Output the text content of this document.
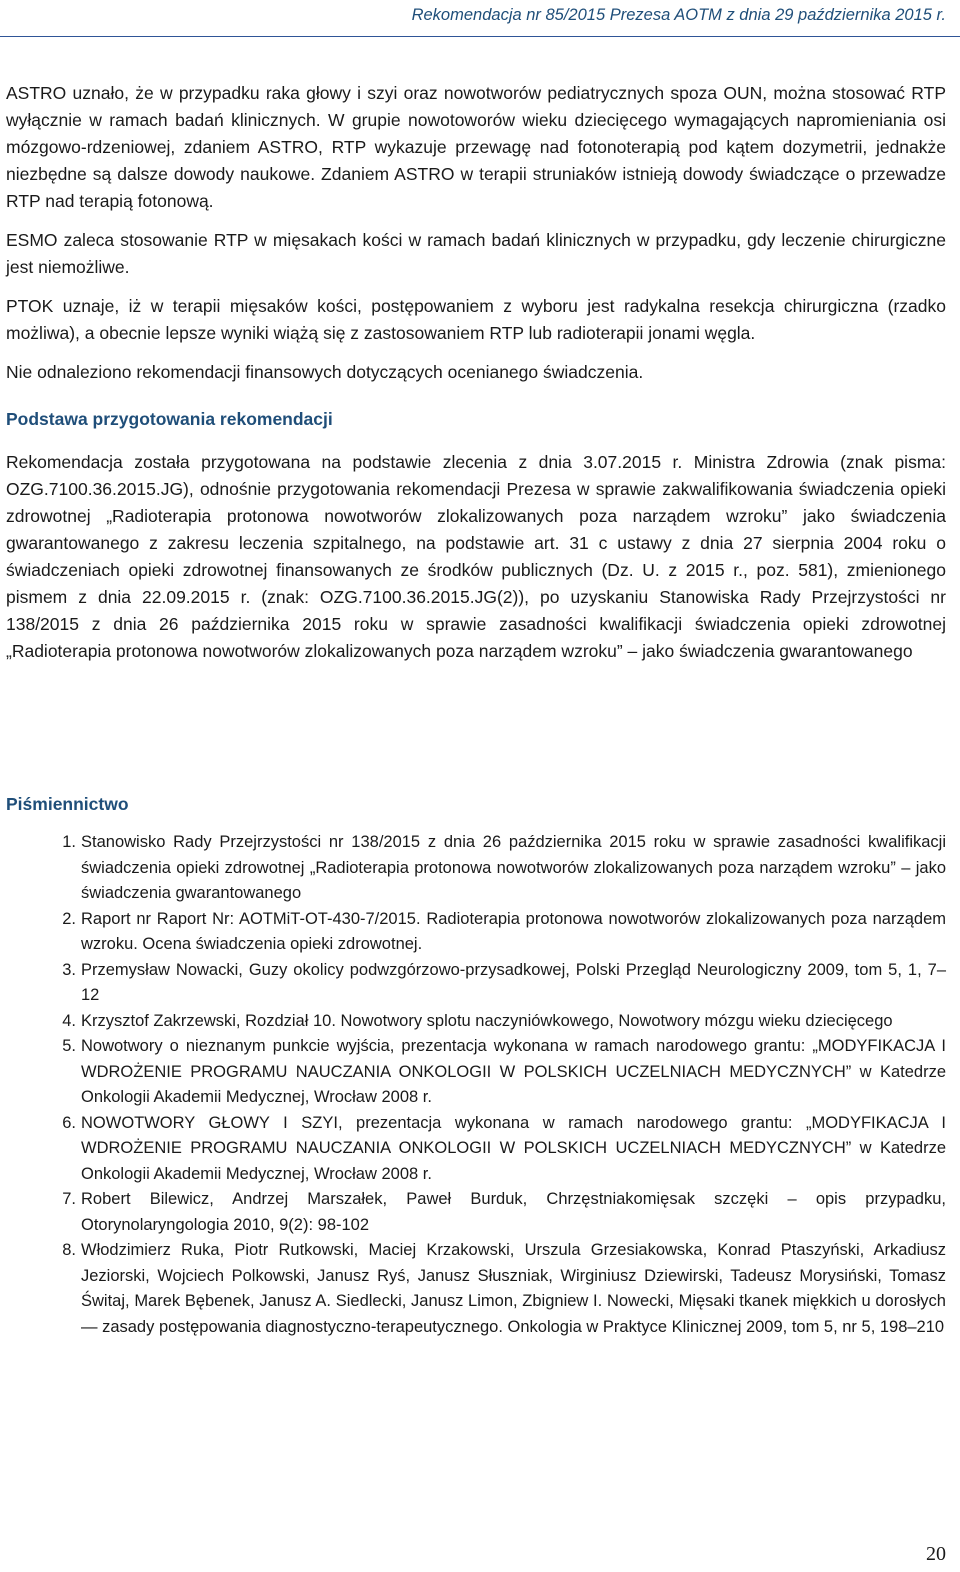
Rekomendacja nr 85/2015 Prezesa AOTM z dnia 29 października 2015 r.

ASTRO uznało, że w przypadku raka głowy i szyi oraz nowotworów pediatrycznych spoza OUN, można stosować RTP wyłącznie w ramach badań klinicznych. W grupie nowotoworów wieku dziecięcego wymagających napromieniania osi mózgowo-rdzeniowej, zdaniem ASTRO, RTP wykazuje przewagę nad fotonoterapią pod kątem dozymetrii, jednakże niezbędne są dalsze dowody naukowe. Zdaniem ASTRO w terapii struniaków istnieją dowody świadczące o przewadze RTP nad terapią fotonową.

ESMO zaleca stosowanie RTP w mięsakach kości w ramach badań klinicznych w przypadku, gdy leczenie chirurgiczne jest niemożliwe.

PTOK uznaje, iż w terapii mięsaków kości, postępowaniem z wyboru jest radykalna resekcja chirurgiczna (rzadko możliwa), a obecnie lepsze wyniki wiążą się z zastosowaniem RTP lub radioterapii jonami węgla.

Nie odnaleziono rekomendacji finansowych dotyczących ocenianego świadczenia.

Podstawa przygotowania rekomendacji

Rekomendacja została przygotowana na podstawie zlecenia z dnia 3.07.2015 r. Ministra Zdrowia (znak pisma: OZG.7100.36.2015.JG), odnośnie przygotowania rekomendacji Prezesa w sprawie zakwalifikowania świadczenia opieki zdrowotnej „Radioterapia protonowa nowotworów zlokalizowanych poza narządem wzroku” jako świadczenia gwarantowanego z zakresu leczenia szpitalnego, na podstawie art. 31 c ustawy z dnia 27 sierpnia 2004 roku o świadczeniach opieki zdrowotnej finansowanych ze środków publicznych (Dz. U. z 2015 r., poz. 581), zmienionego pismem z dnia 22.09.2015 r. (znak: OZG.7100.36.2015.JG(2)), po uzyskaniu Stanowiska Rady Przejrzystości nr 138/2015 z dnia 26 października 2015 roku w sprawie zasadności kwalifikacji świadczenia opieki zdrowotnej „Radioterapia protonowa nowotworów zlokalizowanych poza narządem wzroku” – jako świadczenia gwarantowanego

Piśmiennictwo
1. Stanowisko Rady Przejrzystości nr 138/2015 z dnia 26 października 2015 roku w sprawie zasadności kwalifikacji świadczenia opieki zdrowotnej „Radioterapia protonowa nowotworów zlokalizowanych poza narządem wzroku” – jako świadczenia gwarantowanego
2. Raport nr Raport Nr: AOTMiT-OT-430-7/2015. Radioterapia protonowa nowotworów zlokalizowanych poza narządem wzroku. Ocena świadczenia opieki zdrowotnej.
3. Przemysław Nowacki, Guzy okolicy podwzgórzowo-przysadkowej, Polski Przegląd Neurologiczny 2009, tom 5, 1, 7–12
4. Krzysztof Zakrzewski, Rozdział 10. Nowotwory splotu naczyniówkowego, Nowotwory mózgu wieku dziecięcego
5. Nowotwory o nieznanym punkcie wyjścia, prezentacja wykonana w ramach narodowego grantu: „MODYFIKACJA I WDROŻENIE PROGRAMU NAUCZANIA ONKOLOGII W POLSKICH UCZELNIACH MEDYCZNYCH” w Katedrze Onkologii Akademii Medycznej, Wrocław 2008 r.
6. NOWOTWORY GŁOWY I SZYI, prezentacja wykonana w ramach narodowego grantu: „MODYFIKACJA I WDROŻENIE PROGRAMU NAUCZANIA ONKOLOGII W POLSKICH UCZELNIACH MEDYCZNYCH” w Katedrze Onkologii Akademii Medycznej, Wrocław 2008 r.
7. Robert Bilewicz, Andrzej Marszałek, Paweł Burduk, Chrzęstniakomięsak szczęki – opis przypadku, Otorynolaryngologia 2010, 9(2): 98-102
8. Włodzimierz Ruka, Piotr Rutkowski, Maciej Krzakowski, Urszula Grzesiakowska, Konrad Ptaszyński, Arkadiusz Jeziorski, Wojciech Polkowski, Janusz Ryś, Janusz Słuszniak, Wirginiusz Dziewirski, Tadeusz Morysiński, Tomasz Świtaj, Marek Bębenek, Janusz A. Siedlecki, Janusz Limon, Zbigniew I. Nowecki, Mięsaki tkanek miękkich u dorosłych — zasady postępowania diagnostyczno-terapeutycznego. Onkologia w Praktyce Klinicznej 2009, tom 5, nr 5, 198–210
20
